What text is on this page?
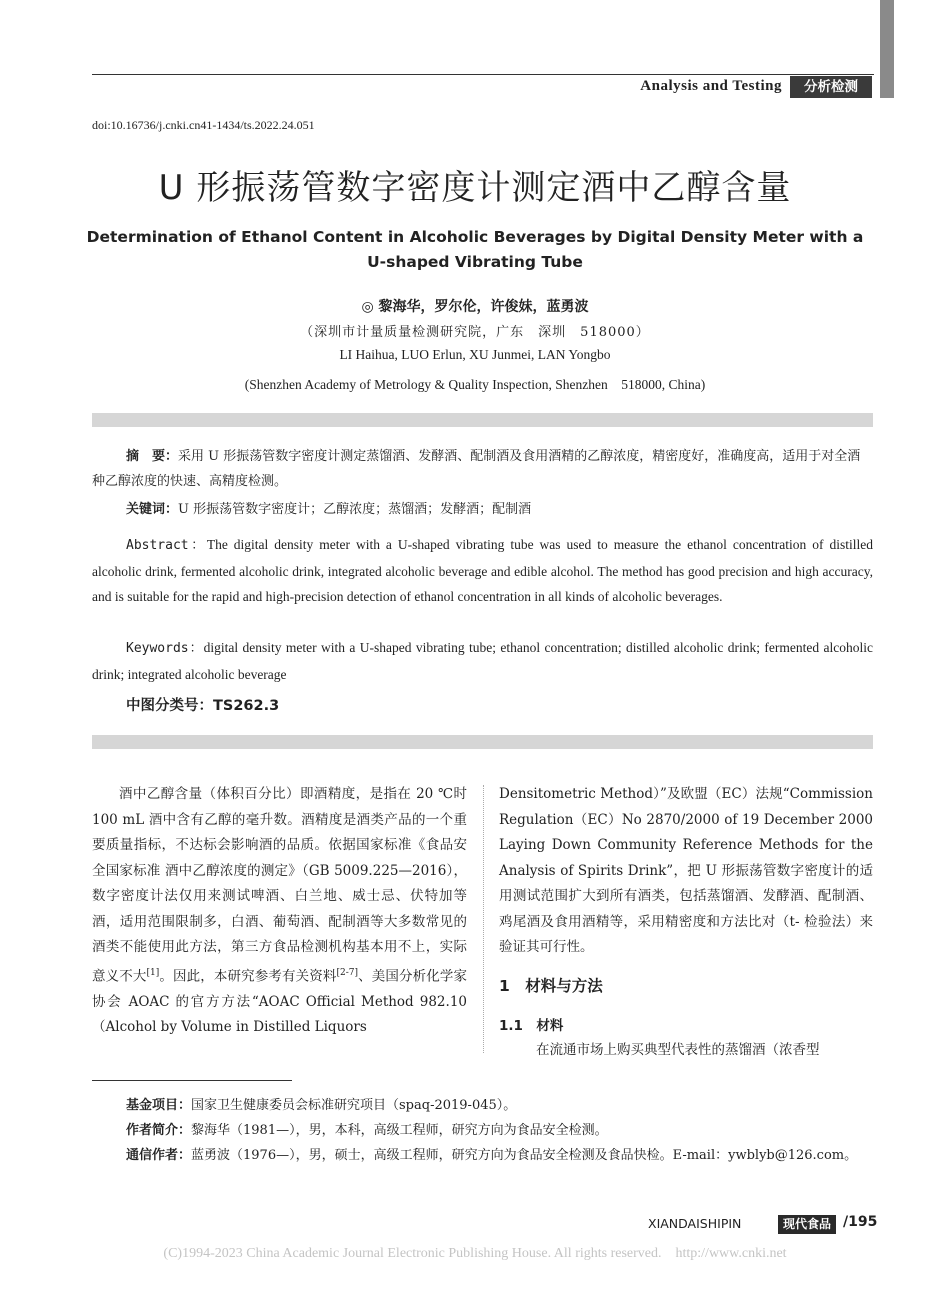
Analysis and Testing	分析检测
doi:10.16736/j.cnki.cn41-1434/ts.2022.24.051
U 形振荡管数字密度计测定酒中乙醇含量
Determination of Ethanol Content in Alcoholic Beverages by Digital Density Meter with a U-shaped Vibrating Tube
◎ 黎海华，罗尔伦，许俊妹，蓝勇波
（深圳市计量质量检测研究院，广东　深圳　518000）
LI Haihua, LUO Erlun, XU Junmei, LAN Yongbo
(Shenzhen Academy of Metrology & Quality Inspection, Shenzhen　518000, China)
摘　要：采用 U 形振荡管数字密度计测定蒸馏酒、发酵酒、配制酒及食用酒精的乙醇浓度，精密度好，准确度高，适用于对全酒种乙醇浓度的快速、高精度检测。
关键词：U 形振荡管数字密度计；乙醇浓度；蒸馏酒；发酵酒；配制酒
Abstract：The digital density meter with a U-shaped vibrating tube was used to measure the ethanol concentration of distilled alcoholic drink, fermented alcoholic drink, integrated alcoholic beverage and edible alcohol. The method has good precision and high accuracy, and is suitable for the rapid and high-precision detection of ethanol concentration in all kinds of alcoholic beverages.
Keywords：digital density meter with a U-shaped vibrating tube; ethanol concentration; distilled alcoholic drink; fermented alcoholic drink; integrated alcoholic beverage
中图分类号：TS262.3
酒中乙醇含量（体积百分比）即酒精度，是指在 20 ℃时 100 mL 酒中含有乙醇的毫升数。酒精度是酒类产品的一个重要质量指标，不达标会影响酒的品质。依据国家标准《食品安全国家标准 酒中乙醇浓度的测定》（GB 5009.225—2016），数字密度计法仅用来测试啤酒、白兰地、威士忌、伏特加等酒，适用范围限制多，白酒、葡萄酒、配制酒等大多数常见的酒类不能使用此方法，第三方食品检测机构基本用不上，实际意义不大[1]。因此，本研究参考有关资料[2-7]、美国分析化学家协会 AOAC 的官方方法“AOAC Official Method 982.10（Alcohol by Volume in Distilled Liquors
Densitometric Method）”及欧盟（EC）法规“Commission Regulation（EC）No 2870/2000 of 19 December 2000 Laying Down Community Reference Methods for the Analysis of Spirits Drink”，把 U 形振荡管数字密度计的适用测试范围扩大到所有酒类，包括蒸馏酒、发酵酒、配制酒、鸡尾酒及食用酒精等，采用精密度和方法比对（t- 检验法）来验证其可行性。
1　材料与方法
1.1　材料
在流通市场上购买典型代表性的蒸馏酒（浓香型
基金项目：国家卫生健康委员会标准研究项目（spaq-2019-045）。
作者简介：黎海华（1981—），男，本科，高级工程师，研究方向为食品安全检测。
通信作者：蓝勇波（1976—），男，硕士，高级工程师，研究方向为食品安全检测及食品快检。E-mail：ywblyb@126.com。
XIANDAISHIPIN	现代食品 /195
(C)1994-2023 China Academic Journal Electronic Publishing House. All rights reserved.　http://www.cnki.net
